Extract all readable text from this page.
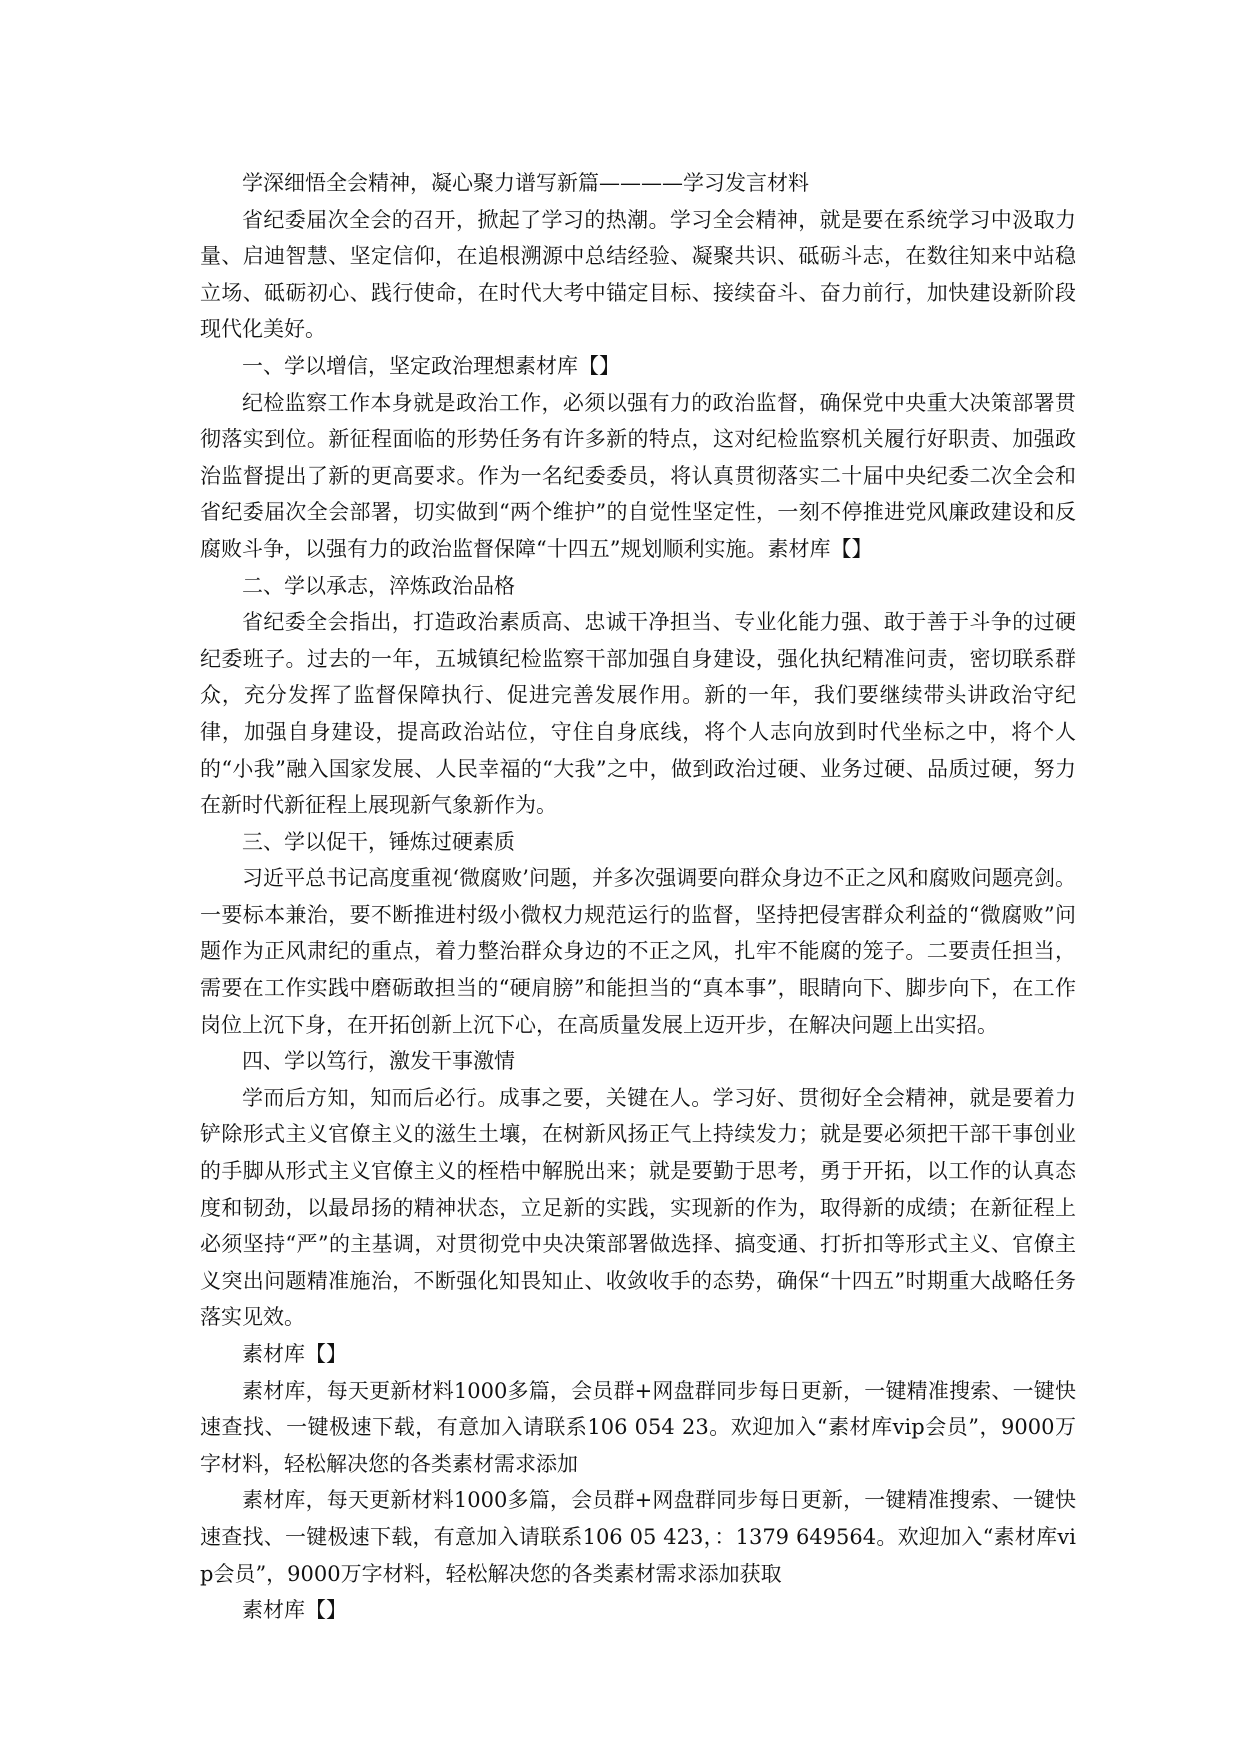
学深细悟全会精神，凝心聚力谱写新篇————学习发言材料

省纪委届次全会的召开，掀起了学习的热潮。学习全会精神，就是要在系统学习中汲取力量、启迪智慧、坚定信仰，在追根溯源中总结经验、凝聚共识、砥砺斗志，在数往知来中站稳立场、砥砺初心、践行使命，在时代大考中锚定目标、接续奋斗、奋力前行，加快建设新阶段现代化美好。

一、学以增信，坚定政治理想素材库【】

纪检监察工作本身就是政治工作，必须以强有力的政治监督，确保党中央重大决策部署贯彻落实到位。新征程面临的形势任务有许多新的特点，这对纪检监察机关履行好职责、加强政治监督提出了新的更高要求。作为一名纪委委员，将认真贯彻落实二十届中央纪委二次全会和省纪委届次全会部署，切实做到“两个维护”的自觉性坚定性，一刻不停推进党风廉政建设和反腐败斗争，以强有力的政治监督保障“十四五”规划顺利实施。素材库【】

二、学以承志，淬炼政治品格

省纪委全会指出，打造政治素质高、忠诚干净担当、专业化能力强、敢于善于斗争的过硬纪委班子。过去的一年，五城镇纪检监察干部加强自身建设，强化执纪精准问责，密切联系群众，充分发挥了监督保障执行、促进完善发展作用。新的一年，我们要继续带头讲政治守纪律，加强自身建设，提高政治站位，守住自身底线，将个人志向放到时代坐标之中，将个人的“小我”融入国家发展、人民幸福的“大我”之中，做到政治过硬、业务过硬、品质过硬，努力在新时代新征程上展现新气象新作为。

三、学以促干，锤炼过硬素质

习近平总书记高度重视‘微腐败’问题，并多次强调要向群众身边不正之风和腐败问题亮剑。一要标本兼治，要不断推进村级小微权力规范运行的监督，坚持把侵害群众利益的“微腐败”问题作为正风肃纪的重点，着力整治群众身边的不正之风，扎牢不能腐的笼子。二要责任担当，需要在工作实践中磨砺敢担当的“硬肩膀”和能担当的“真本事”，眼睛向下、脚步向下，在工作岗位上沉下身，在开拓创新上沉下心，在高质量发展上迈开步，在解决问题上出实招。

四、学以笃行，激发干事激情

学而后方知，知而后必行。成事之要，关键在人。学习好、贯彻好全会精神，就是要着力铲除形式主义官僚主义的滋生土壤，在树新风扬正气上持续发力；就是要必须把干部干事创业的手脚从形式主义官僚主义的桎梏中解脱出来；就是要勤于思考，勇于开拓，以工作的认真态度和韧劲，以最昂扬的精神状态，立足新的实践，实现新的作为，取得新的成绩；在新征程上必须坚持“严”的主基调，对贯彻党中央决策部署做选择、搞变通、打折扣等形式主义、官僚主义突出问题精准施治，不断强化知畏知止、收敛收手的态势，确保“十四五”时期重大战略任务落实见效。

素材库【】

素材库，每天更新材料1000多篇，会员群+网盘群同步每日更新，一键精准搜索、一键快速查找、一键极速下载，有意加入请联系106 054 23。欢迎加入“素材库vip会员”，9000万字材料，轻松解决您的各类素材需求添加

素材库，每天更新材料1000多篇，会员群+网盘群同步每日更新，一键精准搜索、一键快速查找、一键极速下载，有意加入请联系106 05 423，：1379 649564。欢迎加入“素材库vip会员”，9000万字材料，轻松解决您的各类素材需求添加获取

素材库【】
